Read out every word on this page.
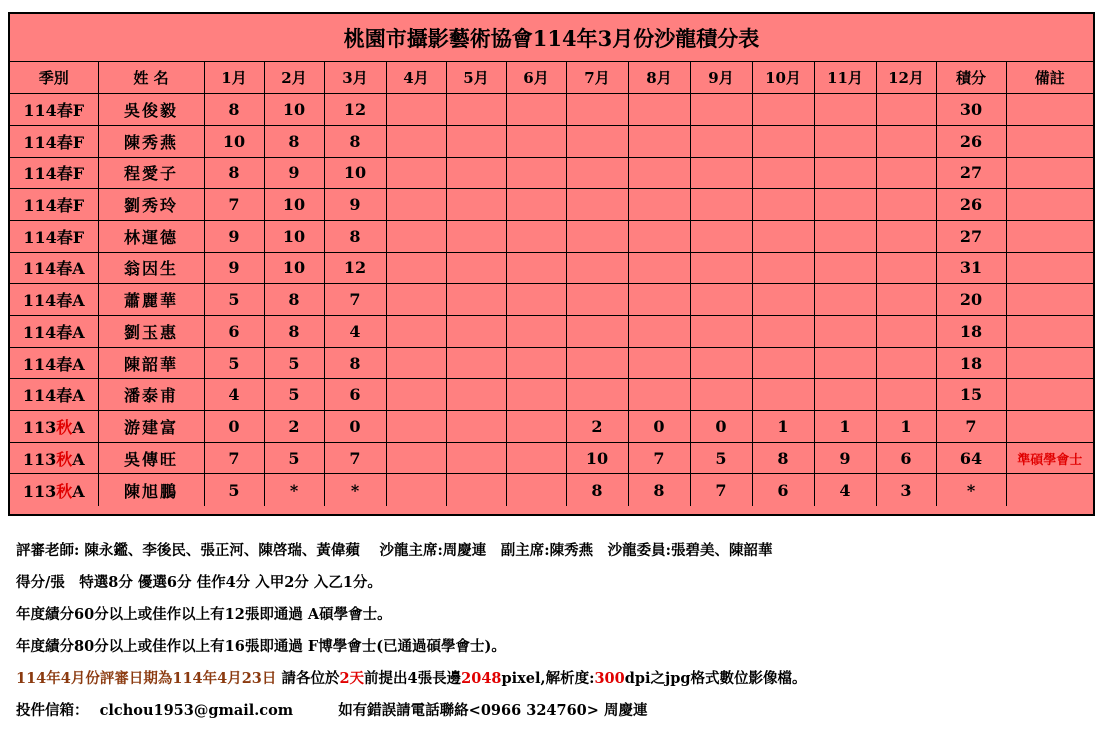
桃園市攝影藝術協會114年3月份沙龍積分表
季別	姓 名	1月	2月	3月	4月	5月	6月	7月	8月	9月	10月	11月	12月	積分	備註
114春F	吳俊毅	8	10	12										30	
114春F	陳秀燕	10	8	8										26	
114春F	程愛子	8	9	10										27	
114春F	劉秀玲	7	10	9										26	
114春F	林運德	9	10	8										27	
114春A	翁因生	9	10	12										31	
114春A	蕭麗華	5	8	7										20	
114春A	劉玉惠	6	8	4										18	
114春A	陳韶華	5	5	8										18	
114春A	潘泰甫	4	5	6										15	
113秋A	游建富	0	2	0				2	0	0	1	1	1	7	
113秋A	吳傳旺	7	5	7				10	7	5	8	9	6	64	準碩學會士
113秋A	陳旭鵬	5	*	*				8	8	7	6	4	3	*	
評審老師: 陳永鑑、李後民、張正河、陳啓瑞、黃偉蘋　 沙龍主席:周慶連　副主席:陳秀燕　沙龍委員:張碧美、陳韶華
得分/張　特選8分 優選6分 佳作4分 入甲2分 入乙1分。
年度績分60分以上或佳作以上有12張即通過 A碩學會士。
年度績分80分以上或佳作以上有16張即通過 F博學會士(已通過碩學會士)。
114年4月份評審日期為114年4月23日 請各位於2天前提出4張長邊2048pixel,解析度:300dpi之jpg格式數位影像檔。
投件信箱： clchou1953@gmail.com	如有錯誤請電話聯絡<0966 324760> 周慶連
